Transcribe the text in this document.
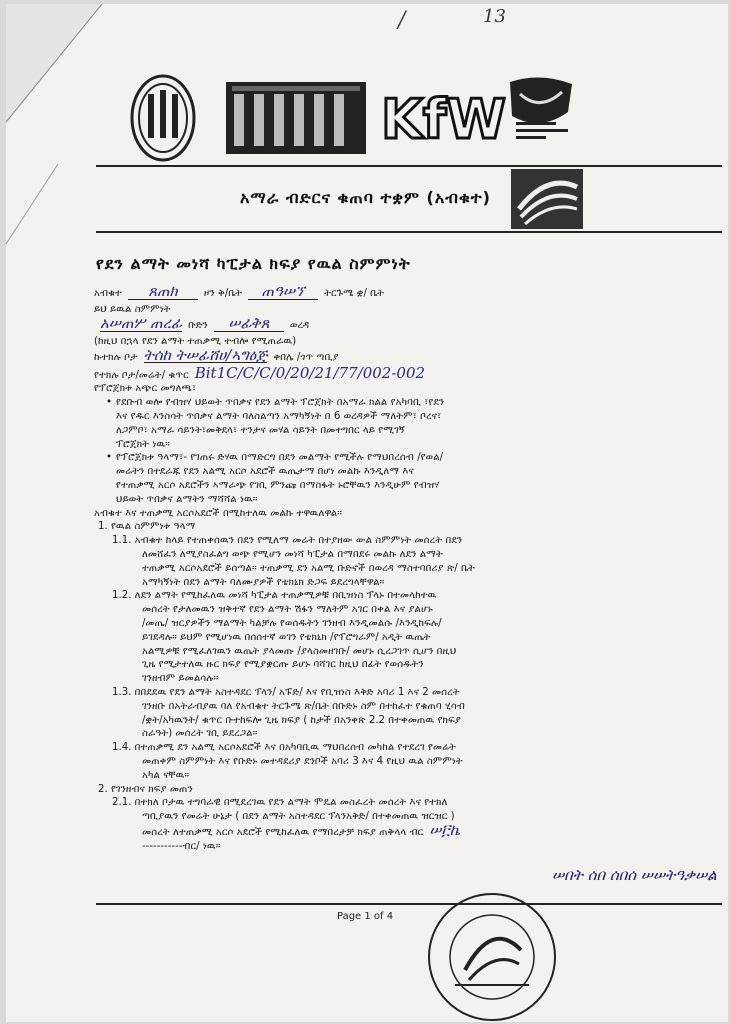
/	13
KfW
አማራ ብድርና ቁጠባ ተቋም (አብቁተ)
የደን ልማት መነሻ ካፒታል ክፍያ የዉል ስምምነት
አብቁተ ጸጠክ	ዞን ቅ/ቤት ጠዓሠኘ ትርጉሜ ቋ/ ቤት
ይህ ይዉል ስምምነት
አሠጠሦ ጠረፊ ቡድን ሠፊቅጸ ወረዳ
(ከዚህ በኋላ የደን ልማት ተጠቃሚ ተብሎ የሚጠራዉ)
ኩተክሉ ቦታ ትሰከ ትሠፊሸሀ/ኣግዕጅ ቀበሌ /ጎጥ ጣቢያ
የተክሉ ቦታ/መሬት/ ቁጥር Bit1C/C/C/0/20/21/77/002-002
የፕሮጀክቱ አጭር መግለጫ፣
• የደቡብ ወሎ የብዝሃ ህይወት ጥበቃና የደን ልማት ፕሮጀክት በአማራ ክልል የአካባቢ ፣የደን
እና የዱር እንስሳት ጥበቃና ልማት ባለስልጣን አማካኝነት በ 6 ወረዳዎች ማለትም፣ ቦረና፣
ለጋምቦ፣ አማራ ሳይንት፣መቅደላ፣ ተንታና መሃል ሳይንት በመተግበር ላይ የሚገኝ
ፕሮጀክት ነዉ።
• የፕሮጀክቱ ዓላማ፣- የገጠሩ ድሃዉ በማድርግ በደን መልማት የሚችሉ የማህበረሰብ /የወል/
መሬትን በተደራጁ የደን አልሚ አርሶ አደሮች ዉጤታማ በሆነ መልኩ እንዲለማ እና
የተጠቃሚ አርሶ አደሮችን ኣማራጭ የገቢ ምንጩ በማስፋት ኑሮቸዉን እንዲሁም የብዝሃ
ህይወት ጥበቃና ልማትን ማሻሻል ነዉ።
አብቁተ እና ተጠቃሚ አርሶአደሮች በሚከተለዉ መልኩ ተዋዉለዋል።
1. የዉል ስምምነቱ ዓላማ
1.1. አብቁተ ከላይ የተጠቀሰዉን በደን የሚለማ መሬት በተያዘው ውል ስምምነት መሰረት በደን
ለመሸፈን ለሚያስፈልግ ወጭ የሚሆን መነሻ ካፒታል በማበደሩ መልኩ ለደን ልማት
ተጠቃሚ አርሶአደሮች ይሰጣል። ተጠቃሚ ደን አልሚ ቡድኖች በወረዳ ማስተባበሪያ ጽ/ ቤት
አማካኝነት በደን ልማት ባለሙያዎች የቴክኒክ ድጋፍ ይደረግላቸዋል።
1.2. ለደን ልማት የሚከፈለዉ መነሻ ካፒታል ተጠቃሚዎቹ በቢዝነስ ፕላኑ በተመላከተዉ
መሰረት የታለመዉን ዝቅተኛ የደን ልማት ሽፋን ማለትም አገር በቀል እና ያልሆኑ
/መጤ/ ዝርያዎችን ማልማት ካልቻሉ የወሰዱትን ገንዘብ እንዲመልሱ /እንዲከፍሉ/
ይገደዳሉ። ይህም የሚሆነዉ በሰሰተኛ ወገን የቴክኒክ /የፕሮግራም/ አዲት ዉጤት
አልሚዎቹ የሚፈለገዉን ዉጤት ያላመጡ /ያላስመዘገቡ/ መሆኑ ሲረጋገጥ ሲሆን በዚህ
ጊዜ የሚታተለዉ ዙር ክፍያ የሚያቋርጡ ይሆኑ ባሻገር ከዚህ በፊት የወሰዱትን
ገንዘብም ይመልሳሉ።
1.3. በበደደዉ የደን ልማት አስተዳደር ፕላን/ አፑድ/ እና የቢዝነስ እቅድ አባሪ 1 እና 2 መሰረት
ገንዘቡ በአትራብያዉ ባለ የአብቁተ ትርጉሜ ጽ/ቤት በቡድኑ ስም በተከፈተ የቁጠባ ሂሳብ
/ቋት/አካዉንት/ ቁጥር ቡተከፍሎ ጊዜ ክፍያ ( ከታች በአንቀጽ 2.2 በተቀመጠዉ የክፍያ
ስራዓት) መሰረት ገቢ ይደረጋል።
1.4. በተጠቃሚ ደን አልሚ አርሶአደሮች እና በአካባቢዉ ማህበረሰብ መካከል የተደረገ የመሬት
መጠቀም ስምምነት እና የቡድኑ መተዳደሪያ ደንቦች አባሪ 3 እና 4 የዚህ ዉል ስምምነት
አካል ናቸዉ።
2. የገንዘብና ክፍያ መጠን
2.1. በተክለ ቦታዉ ተግባራዊ በሚደረገዉ የደን ልማት ሞዴል መስፈረት መሰረት እና የተክለ
ጣቢያዉን የመሬት ሁኔታ ( በደን ልማት አስተዳደር ፕላንአቅድ/ በተቀመጠዉ ዝርዝር )
መሰረት ለተጠቃሚ አርሶ አደሮች የሚከፈለዉ የማበረታቻ ክፍያ ጠቅላላ ብር ሠ፫ኬ
-----------ብር/ ነዉ።
Page 1 of 4
ሠበት ሰበ ሰበሰ ሠሠትዓቃሠል
